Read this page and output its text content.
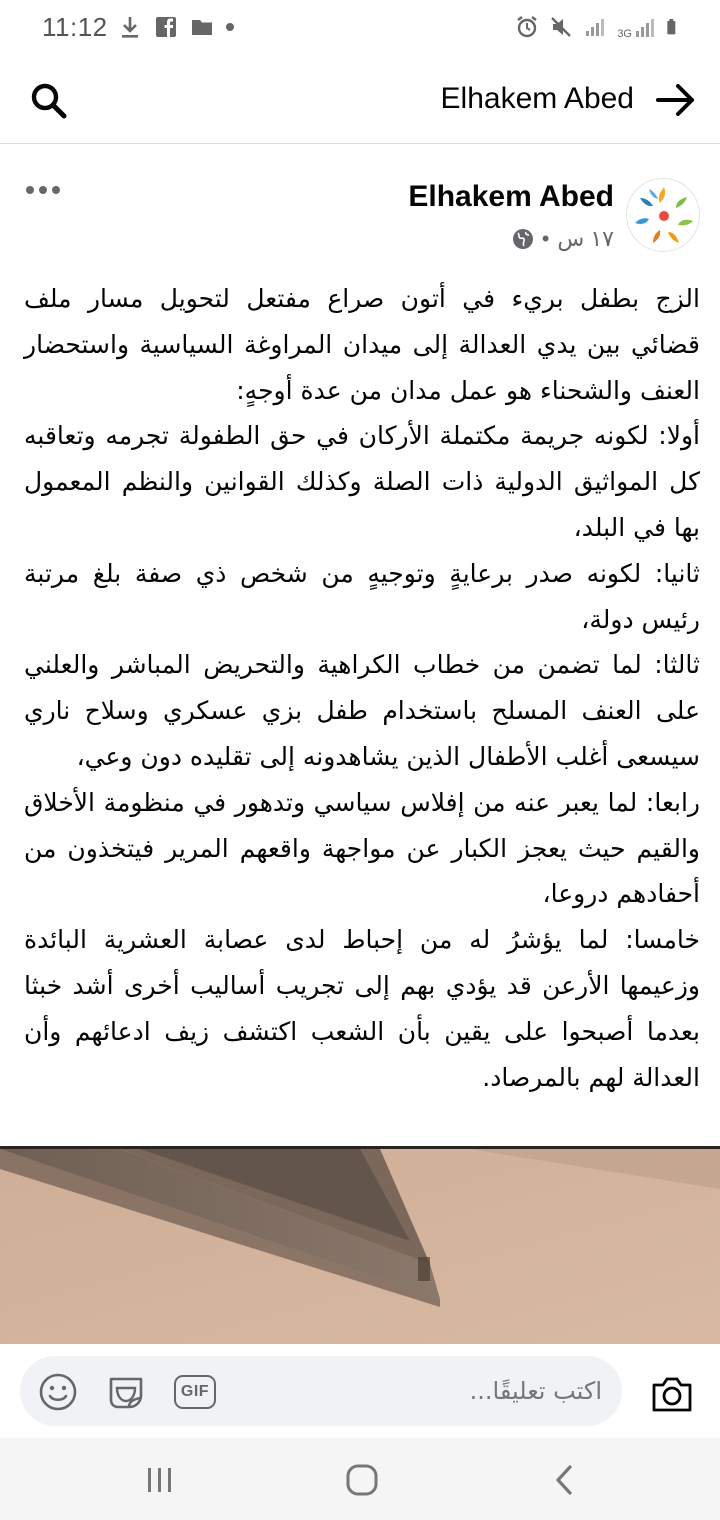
11:12	3G
Elhakem Abed
Elhakem Abed
١٧ س
•

الزج بطفل بريء في أتون صراع مفتعل لتحويل مسار ملف قضائي بين يدي العدالة إلى ميدان المراوغة السياسية واستحضار العنف والشحناء هو عمل مدان من عدة أوجهٍ:

أولا: لكونه جريمة مكتملة الأركان في حق الطفولة تجرمه وتعاقبه كل المواثيق الدولية ذات الصلة وكذلك القوانين والنظم المعمول بها في البلد،

ثانيا: لكونه صدر برعايةٍ وتوجيهٍ من شخص ذي صفة بلغ مرتبة رئيس دولة،

ثالثا: لما تضمن من خطاب الكراهية والتحريض المباشر والعلني على العنف المسلح باستخدام طفل بزي عسكري وسلاح ناري سيسعى أغلب الأطفال الذين يشاهدونه إلى تقليده دون وعي،

رابعا: لما يعبر عنه من إفلاس سياسي وتدهور في منظومة الأخلاق والقيم حيث يعجز الكبار عن مواجهة واقعهم المرير فيتخذون من أحفادهم دروعا،

خامسا: لما يؤشرُ له من إحباط لدى عصابة العشرية البائدة وزعيمها الأرعن قد يؤدي بهم إلى تجريب أساليب أخرى أشد خبثا بعدما أصبحوا على يقين بأن الشعب اكتشف زيف ادعائهم وأن العدالة لهم بالمرصاد.

GIF
اكتب تعليقًا...
